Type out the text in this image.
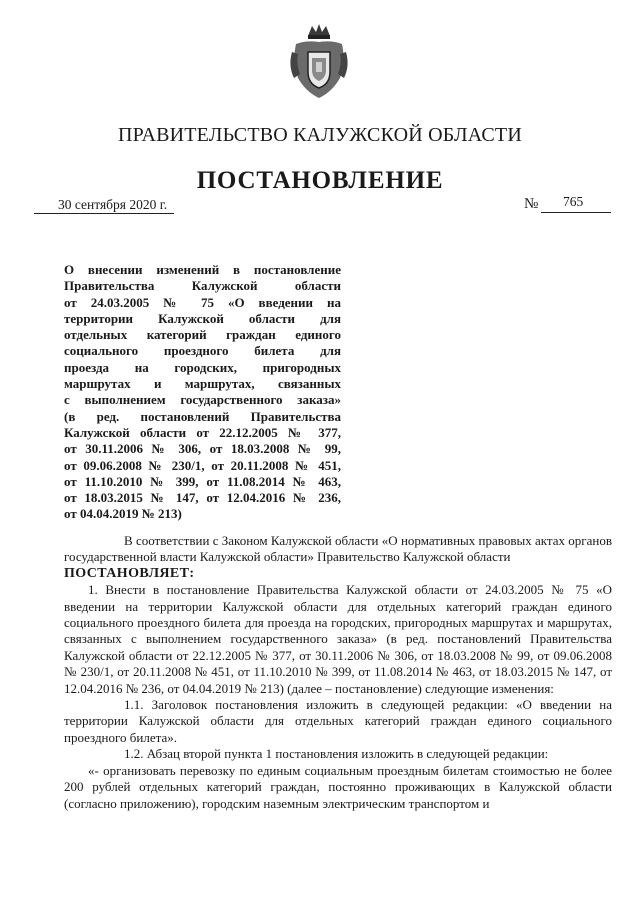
ПРАВИТЕЛЬСТВО КАЛУЖСКОЙ ОБЛАСТИ
ПОСТАНОВЛЕНИЕ
30 сентября 2020 г.	№ 765
О внесении изменений в постановление
Правительства Калужской области
от 24.03.2005 № 75 «О введении на
территории Калужской области для
отдельных категорий граждан единого
социального проездного билета для
проезда на городских, пригородных
маршрутах и маршрутах, связанных
с выполнением государственного заказа»
(в ред. постановлений Правительства
Калужской области от 22.12.2005 № 377,
от 30.11.2006 № 306, от 18.03.2008 № 99,
от 09.06.2008 № 230/1, от 20.11.2008 № 451,
от 11.10.2010 № 399, от 11.08.2014 № 463,
от 18.03.2015 № 147, от 12.04.2016 № 236,
от 04.04.2019 № 213)

В соответствии с Законом Калужской области «О нормативных правовых актах органов государственной власти Калужской области» Правительство Калужской области

ПОСТАНОВЛЯЕТ:

1. Внести в постановление Правительства Калужской области от 24.03.2005 № 75 «О введении на территории Калужской области для отдельных категорий граждан единого социального проездного билета для проезда на городских, пригородных маршрутах и маршрутах, связанных с выполнением государственного заказа» (в ред. постановлений Правительства Калужской области от 22.12.2005 № 377, от 30.11.2006 № 306, от 18.03.2008 № 99, от 09.06.2008 № 230/1, от 20.11.2008 № 451, от 11.10.2010 № 399, от 11.08.2014 № 463, от 18.03.2015 № 147, от 12.04.2016 № 236, от 04.04.2019 № 213) (далее – постановление) следующие изменения:

1.1. Заголовок постановления изложить в следующей редакции: «О введении на территории Калужской области для отдельных категорий граждан единого социального проездного билета».

1.2. Абзац второй пункта 1 постановления изложить в следующей редакции:

«- организовать перевозку по единым социальным проездным билетам стоимостью не более 200 рублей отдельных категорий граждан, постоянно проживающих в Калужской области (согласно приложению), городским наземным электрическим транспортом и
